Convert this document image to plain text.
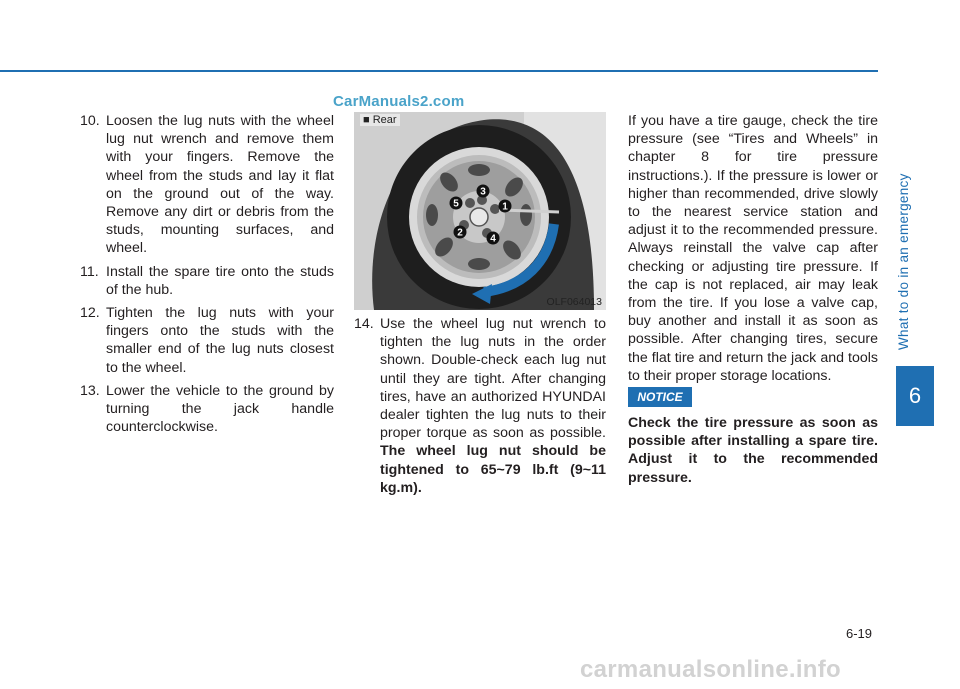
CarManuals2.com
What to do in an emergency
6
10. Loosen the lug nuts with the wheel lug nut wrench and remove them with your fingers. Remove the wheel from the studs and lay it flat on the ground out of the way. Remove any dirt or debris from the studs, mounting surfaces, and wheel.
11. Install the spare tire onto the studs of the hub.
12. Tighten the lug nuts with your fingers onto the studs with the smaller end of the lug nuts closest to the wheel.
13. Lower the vehicle to the ground by turning the jack handle counterclockwise.
1
2
3
4
5
■ Rear
OLF064013
14. Use the wheel lug nut wrench to tighten the lug nuts in the order shown. Double-check each lug nut until they are tight. After changing tires, have an authorized HYUNDAI dealer tighten the lug nuts to their proper torque as soon as possible. The wheel lug nut should be tightened to 65~79 lb.ft (9~11 kg.m).

If you have a tire gauge, check the tire pressure (see “Tires and Wheels” in chapter 8 for tire pressure instructions.). If the pressure is lower or higher than recommended, drive slowly to the nearest service station and adjust it to the recommended pressure. Always reinstall the valve cap after checking or adjusting tire pressure. If the cap is not replaced, air may leak from the tire. If you lose a valve cap, buy another and install it as soon as possible. After changing tires, secure the flat tire and return the jack and tools to their proper storage locations.

NOTICE
Check the tire pressure as soon as possible after installing a spare tire. Adjust it to the recommended pressure.
6-19
carmanualsonline.info
